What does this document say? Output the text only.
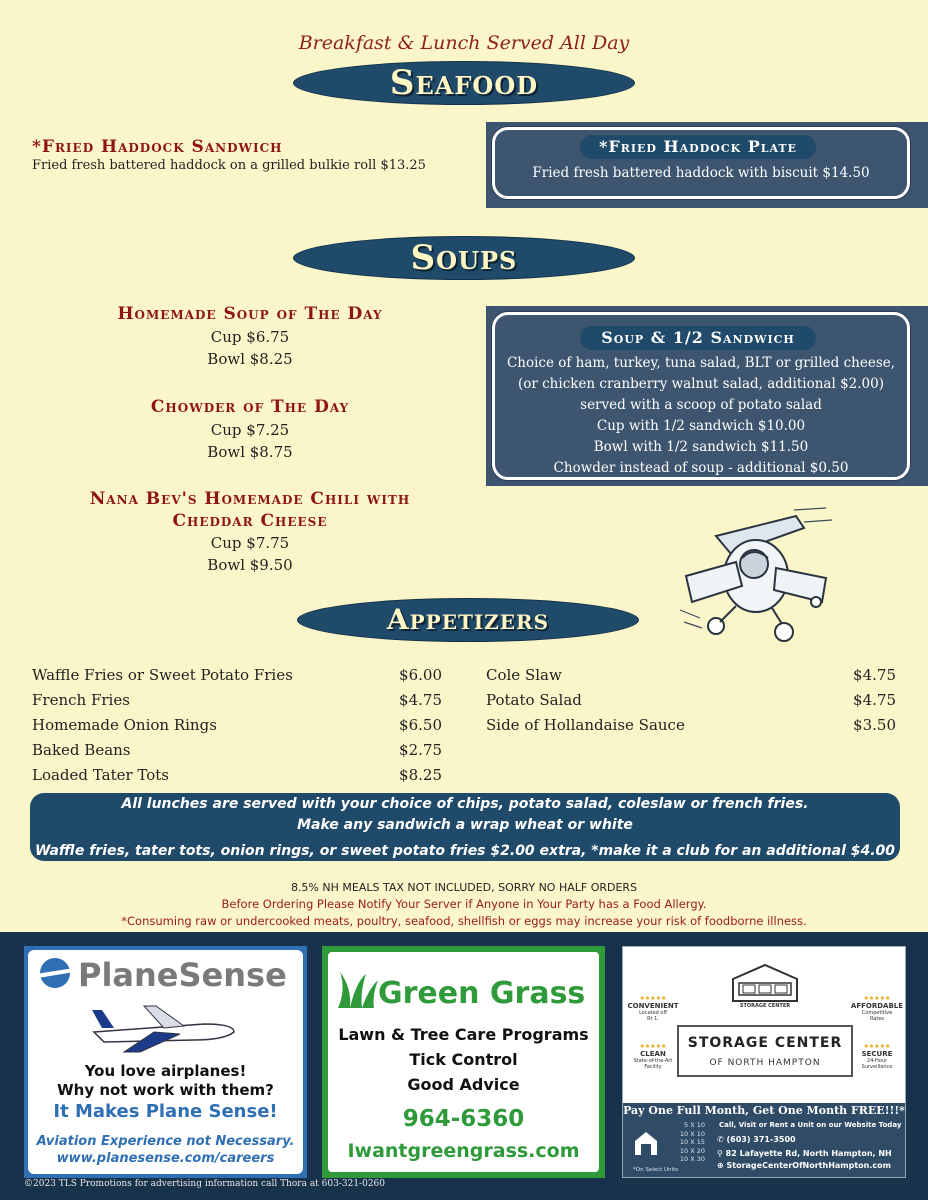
Breakfast & Lunch Served All Day
Seafood
*Fried Haddock Sandwich
Fried fresh battered haddock on a grilled bulkie roll $13.25
*Fried Haddock Plate
Fried fresh battered haddock with biscuit $14.50
Soups
Homemade Soup of The Day
Cup $6.75
Bowl $8.25
Chowder of The Day
Cup $7.25
Bowl $8.75
Nana Bev's Homemade Chili with
Cheddar Cheese
Cup $7.75
Bowl $9.50
Soup & 1/2 Sandwich
Choice of ham, turkey, tuna salad, BLT or grilled cheese,
(or chicken cranberry walnut salad, additional $2.00)
served with a scoop of potato salad
Cup with 1/2 sandwich $10.00
Bowl with 1/2 sandwich $11.50
Chowder instead of soup - additional $0.50
Appetizers
Waffle Fries or Sweet Potato Fries	$6.00
French Fries	$4.75
Homemade Onion Rings	$6.50
Baked Beans	$2.75
Loaded Tater Tots	$8.25
Cole Slaw	$4.75
Potato Salad	$4.75
Side of Hollandaise Sauce	$3.50
All lunches are served with your choice of chips, potato salad, coleslaw or french fries.
Make any sandwich a wrap wheat or white
Waffle fries, tater tots, onion rings, or sweet potato fries $2.00 extra, *make it a club for an additional $4.00
8.5% NH MEALS TAX NOT INCLUDED, SORRY NO HALF ORDERS
Before Ordering Please Notify Your Server if Anyone in Your Party has a Food Allergy.
*Consuming raw or undercooked meats, poultry, seafood, shellfish or eggs may increase your risk of foodborne illness.
PlaneSense
You love airplanes!
Why not work with them?
It Makes Plane Sense!
Aviation Experience not Necessary.
www.planesense.com/careers
Green Grass
Lawn & Tree Care Programs
Tick Control
Good Advice
964-6360
Iwantgreengrass.com
STORAGE CENTER
STORAGE CENTER
OF NORTH HAMPTON
★★★★★
CONVENIENT
Located off
Rt 1.
★★★★★
AFFORDABLE
Competitive
Rates
★★★★★
CLEAN
State-of-the-Art
Facility
★★★★★
SECURE
24-Hour
Surveillance
Pay One Full Month, Get One Month FREE!!!*
5 X 10
10 X 10
10 X 15
10 X 20
10 X 30
*On Select Units
Call, Visit or Rent a Unit on our Website Today
✆ (603) 371-3500
⚲ 82 Lafayette Rd, North Hampton, NH
⊕ StorageCenterOfNorthHampton.com
©2023 TLS Promotions for advertising information call Thora at 603-321-0260
